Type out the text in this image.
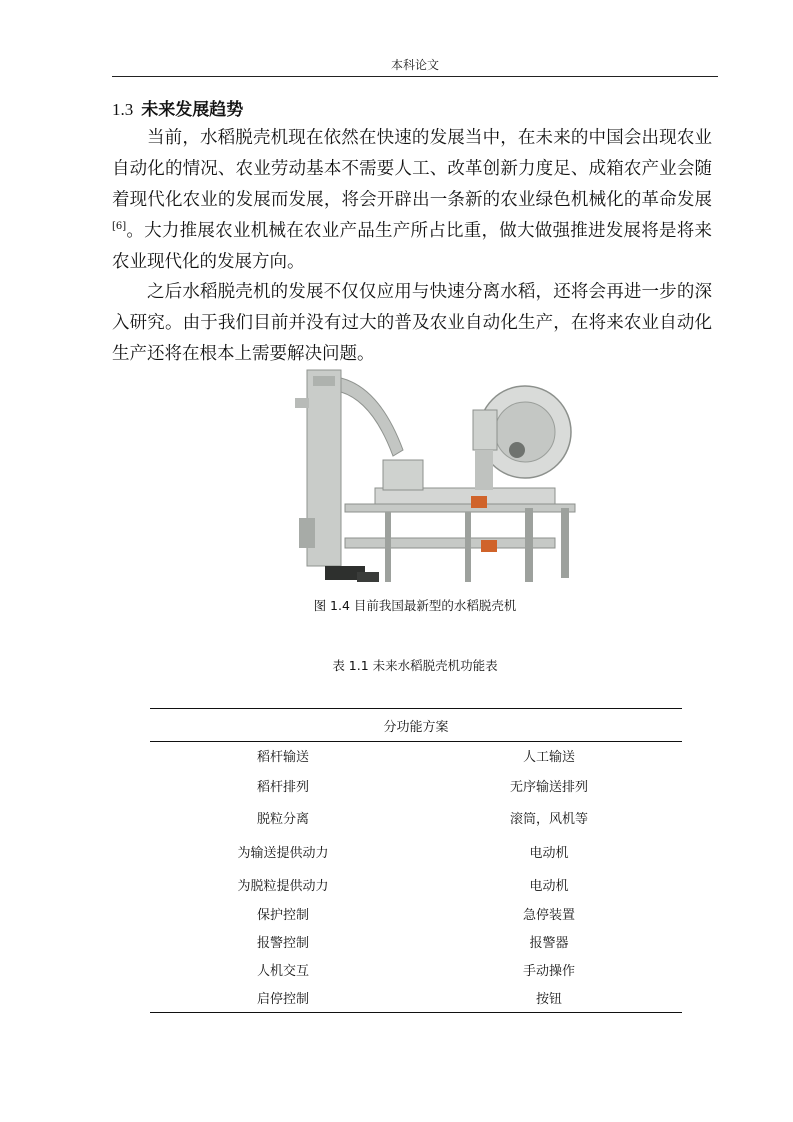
本科论文
1.3 未来发展趋势

当前，水稻脱壳机现在依然在快速的发展当中，在未来的中国会出现农业自动化的情况、农业劳动基本不需要人工、改革创新力度足、成箱农产业会随着现代化农业的发展而发展，将会开辟出一条新的农业绿色机械化的革命发展[6]。大力推展农业机械在农业产品生产所占比重，做大做强推进发展将是将来农业现代化的发展方向。

之后水稻脱壳机的发展不仅仅应用与快速分离水稻，还将会再进一步的深入研究。由于我们目前并没有过大的普及农业自动化生产，在将来农业自动化生产还将在根本上需要解决问题。

图 1.4 目前我国最新型的水稻脱壳机
表 1.1 未来水稻脱壳机功能表
分功能方案	
稻杆输送	人工输送
稻杆排列	无序输送排列
脱粒分离	滚筒，风机等
为输送提供动力	电动机
为脱粒提供动力	电动机
保护控制	急停装置
报警控制	报警器
人机交互	手动操作
启停控制	按钮
